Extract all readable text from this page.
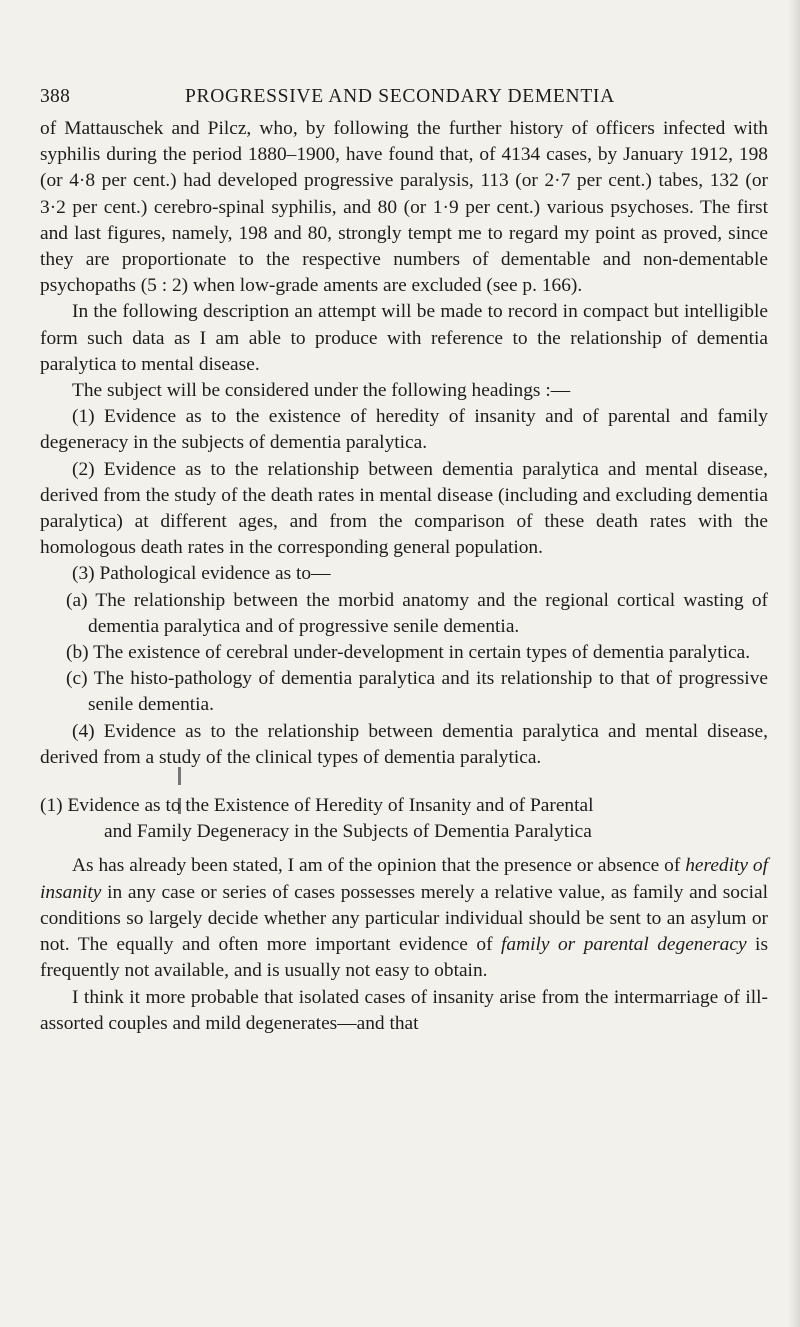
388	PROGRESSIVE AND SECONDARY DEMENTIA

of Mattauschek and Pilcz, who, by following the further history of officers infected with syphilis during the period 1880–1900, have found that, of 4134 cases, by January 1912, 198 (or 4·8 per cent.) had developed progressive paralysis, 113 (or 2·7 per cent.) tabes, 132 (or 3·2 per cent.) cerebro-spinal syphilis, and 80 (or 1·9 per cent.) various psychoses. The first and last figures, namely, 198 and 80, strongly tempt me to regard my point as proved, since they are proportionate to the respective numbers of dementable and non-dementable psychopaths (5 : 2) when low-grade aments are excluded (see p. 166).

In the following description an attempt will be made to record in compact but intelligible form such data as I am able to produce with reference to the relationship of dementia paralytica to mental disease.

The subject will be considered under the following headings :—

(1) Evidence as to the existence of heredity of insanity and of parental and family degeneracy in the subjects of dementia paralytica.

(2) Evidence as to the relationship between dementia paralytica and mental disease, derived from the study of the death rates in mental disease (including and excluding dementia paralytica) at different ages, and from the comparison of these death rates with the homologous death rates in the corresponding general population.

(3) Pathological evidence as to—

(a) The relationship between the morbid anatomy and the regional cortical wasting of dementia paralytica and of progressive senile dementia.

(b) The existence of cerebral under-development in certain types of dementia paralytica.

(c) The histo-pathology of dementia paralytica and its relationship to that of progressive senile dementia.

(4) Evidence as to the relationship between dementia paralytica and mental disease, derived from a study of the clinical types of dementia paralytica.

(1) Evidence as to the Existence of Heredity of Insanity and of Parental

and Family Degeneracy in the Subjects of Dementia Paralytica

As has already been stated, I am of the opinion that the presence or absence of heredity of insanity in any case or series of cases possesses merely a relative value, as family and social conditions so largely decide whether any particular individual should be sent to an asylum or not. The equally and often more important evidence of family or parental degeneracy is frequently not available, and is usually not easy to obtain.

I think it more probable that isolated cases of insanity arise from the intermarriage of ill-assorted couples and mild degenerates—and that
